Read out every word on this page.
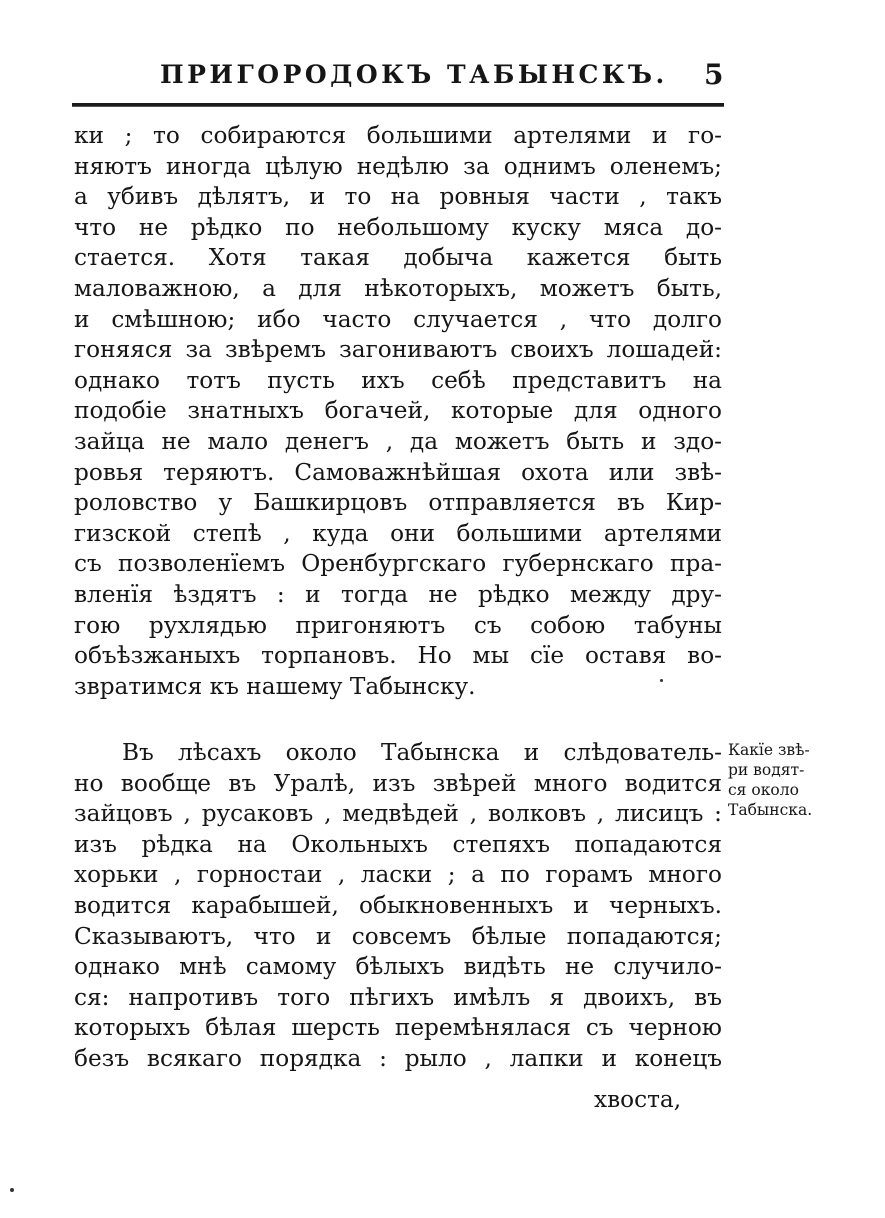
ПРИГОРОДОКЪ ТАБЫНСКЪ. 5
ки ; то собираются большими артелями и го-
няютъ иногда цѣлую недѣлю за однимъ оленемъ;
а убивъ дѣлятъ, и то на ровныя части , такъ
что не рѣдко по небольшому куску мяса до-
стается. Хотя такая добыча кажется быть
маловажною, а для нѣкоторыхъ, можетъ быть,
и смѣшною; ибо часто случается , что долго
гоняяся за звѣремъ загониваютъ своихъ лошадей:
однако тотъ пусть ихъ себѣ представитъ на
подобіе знатныхъ богачей, которые для одного
зайца не мало денегъ , да можетъ быть и здо-
ровья теряютъ. Самоважнѣйшая охота или звѣ-
роловство у Башкирцовъ отправляется въ Кир-
гизской степѣ , куда они большими артелями
съ позволенїемъ Оренбургскаго губернскаго пра-
вленїя ѣздятъ : и тогда не рѣдко между дру-
гою рухлядью пригоняютъ съ собою табуны
объѣзжаныхъ торпановъ. Но мы сїе оставя во-
звратимся къ нашему Табынску.
Въ лѣсахъ около Табынска и слѣдователь-
но вообще въ Уралѣ, изъ звѣрей много водится
зайцовъ , русаковъ , медвѣдей , волковъ , лисицъ :
изъ рѣдка на Окольныхъ степяхъ попадаются
хорьки , горностаи , ласки ; а по горамъ много
водится карабышей, обыкновенныхъ и черныхъ.
Сказываютъ, что и совсемъ бѣлые попадаются;
однако мнѣ самому бѣлыхъ видѣть не случило-
ся: напротивъ того пѣгихъ имѣлъ я двоихъ, въ
которыхъ бѣлая шерсть перемѣнялася съ черною
безъ всякаго порядка : рыло , лапки и конецъ
хвоста,
Какїе звѣ-
ри водят-
ся около
Табынска.
